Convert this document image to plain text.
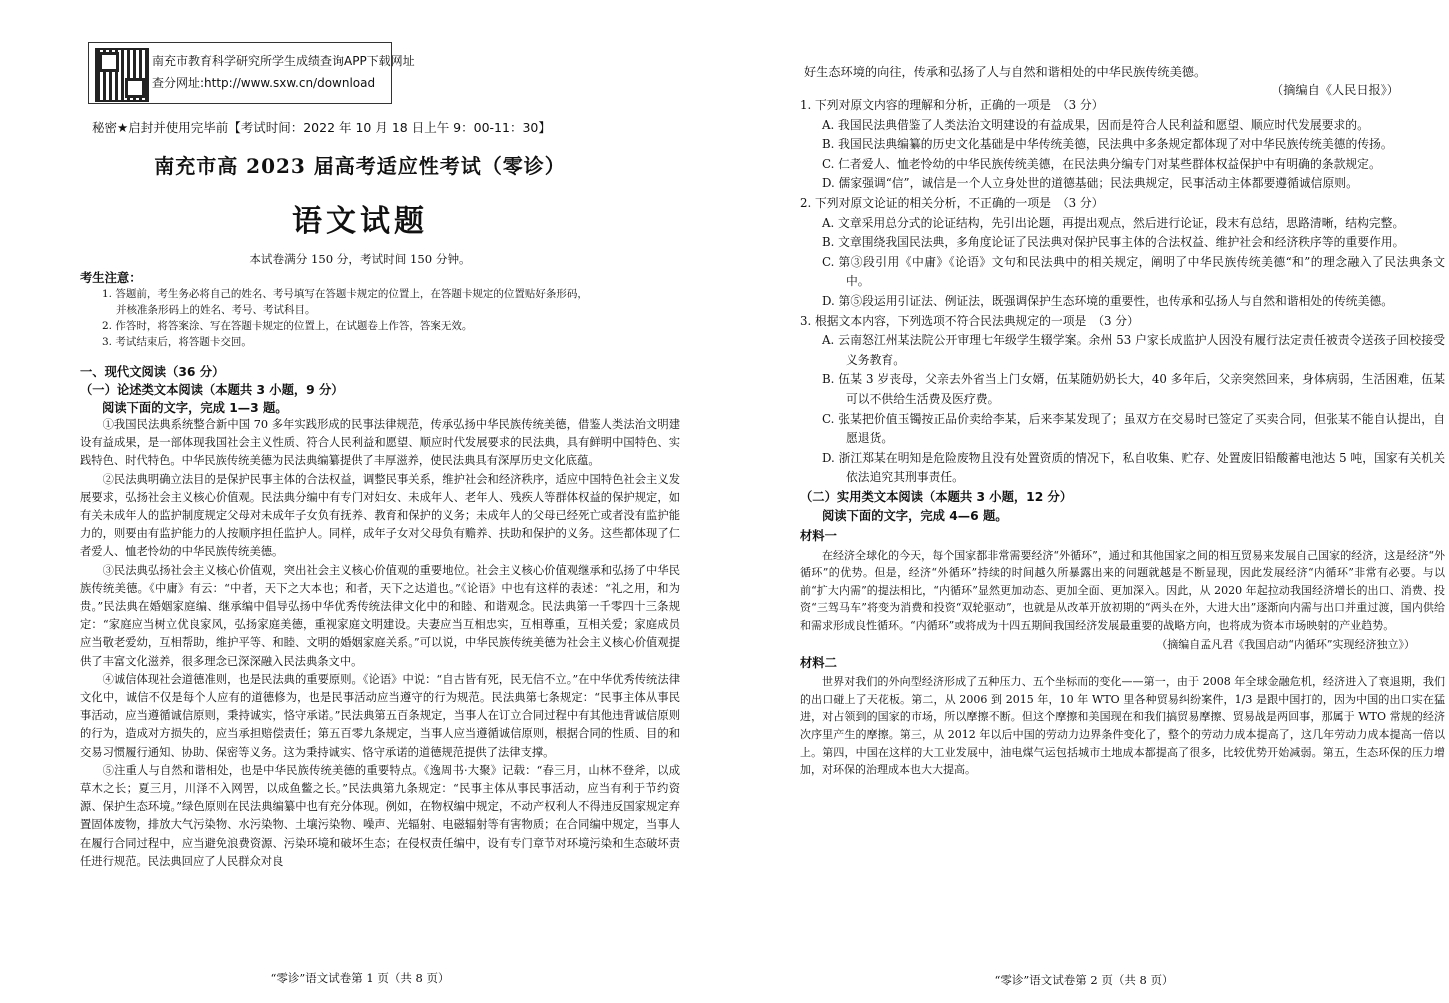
南充市教育科学研究所学生成绩查询APP下载网址
查分网址:http://www.sxw.cn/download
秘密★启封并使用完毕前【考试时间：2022 年 10 月 18 日上午 9：00-11：30】
南充市高 2023 届高考适应性考试（零诊）
语文试题
本试卷满分 150 分，考试时间 150 分钟。
考生注意：
1. 答题前，考生务必将自己的姓名、考号填写在答题卡规定的位置上，在答题卡规定的位置贴好条形码，
并核准条形码上的姓名、考号、考试科目。
2. 作答时，将答案涂、写在答题卡规定的位置上，在试题卷上作答，答案无效。
3. 考试结束后，将答题卡交回。
一、现代文阅读（36 分）
（一）论述类文本阅读（本题共 3 小题，9 分）
阅读下面的文字，完成 1—3 题。

①我国民法典系统整合新中国 70 多年实践形成的民事法律规范，传承弘扬中华民族传统美德，借鉴人类法治文明建设有益成果，是一部体现我国社会主义性质、符合人民利益和愿望、顺应时代发展要求的民法典，具有鲜明中国特色、实践特色、时代特色。中华民族传统美德为民法典编纂提供了丰厚滋养，使民法典具有深厚历史文化底蕴。

②民法典明确立法目的是保护民事主体的合法权益，调整民事关系，维护社会和经济秩序，适应中国特色社会主义发展要求，弘扬社会主义核心价值观。民法典分编中有专门对妇女、未成年人、老年人、残疾人等群体权益的保护规定，如有关未成年人的监护制度规定父母对未成年子女负有抚养、教育和保护的义务；未成年人的父母已经死亡或者没有监护能力的，则要由有监护能力的人按顺序担任监护人。同样，成年子女对父母负有赡养、扶助和保护的义务。这些都体现了仁者爱人、恤老怜幼的中华民族传统美德。

③民法典弘扬社会主义核心价值观，突出社会主义核心价值观的重要地位。社会主义核心价值观继承和弘扬了中华民族传统美德。《中庸》有云：“中者，天下之大本也；和者，天下之达道也。”《论语》中也有这样的表述：“礼之用，和为贵。”民法典在婚姻家庭编、继承编中倡导弘扬中华优秀传统法律文化中的和睦、和谐观念。民法典第一千零四十三条规定：“家庭应当树立优良家风，弘扬家庭美德，重视家庭文明建设。夫妻应当互相忠实，互相尊重，互相关爱；家庭成员应当敬老爱幼，互相帮助，维护平等、和睦、文明的婚姻家庭关系。”可以说，中华民族传统美德为社会主义核心价值观提供了丰富文化滋养，很多理念已深深融入民法典条文中。

④诚信体现社会道德准则，也是民法典的重要原则。《论语》中说：“自古皆有死，民无信不立。”在中华优秀传统法律文化中，诚信不仅是每个人应有的道德修为，也是民事活动应当遵守的行为规范。民法典第七条规定：“民事主体从事民事活动，应当遵循诚信原则，秉持诚实，恪守承诺。”民法典第五百条规定，当事人在订立合同过程中有其他违背诚信原则的行为，造成对方损失的，应当承担赔偿责任；第五百零九条规定，当事人应当遵循诚信原则，根据合同的性质、目的和交易习惯履行通知、协助、保密等义务。这为秉持诚实、恪守承诺的道德规范提供了法律支撑。

⑤注重人与自然和谐相处，也是中华民族传统美德的重要特点。《逸周书·大聚》记载：“春三月，山林不登斧，以成草木之长；夏三月，川泽不入网罟，以成鱼鳖之长。”民法典第九条规定：“民事主体从事民事活动，应当有利于节约资源、保护生态环境。”绿色原则在民法典编纂中也有充分体现。例如，在物权编中规定，不动产权利人不得违反国家规定弃置固体废物，排放大气污染物、水污染物、土壤污染物、噪声、光辐射、电磁辐射等有害物质；在合同编中规定，当事人在履行合同过程中，应当避免浪费资源、污染环境和破坏生态；在侵权责任编中，设有专门章节对环境污染和生态破坏责任进行规范。民法典回应了人民群众对良

“零诊”语文试卷第 1 页（共 8 页）
好生态环境的向往，传承和弘扬了人与自然和谐相处的中华民族传统美德。
（摘编自《人民日报》）

1. 下列对原文内容的理解和分析，正确的一项是　（3 分）

A. 我国民法典借鉴了人类法治文明建设的有益成果，因而是符合人民利益和愿望、顺应时代发展要求的。

B. 我国民法典编纂的历史文化基础是中华传统美德，民法典中多条规定都体现了对中华民族传统美德的传扬。

C. 仁者爱人、恤老怜幼的中华民族传统美德，在民法典分编专门对某些群体权益保护中有明确的条款规定。

D. 儒家强调“信”，诚信是一个人立身处世的道德基础；民法典规定，民事活动主体都要遵循诚信原则。

2. 下列对原文论证的相关分析，不正确的一项是　（3 分）

A. 文章采用总分式的论证结构，先引出论题，再提出观点，然后进行论证，段末有总结，思路清晰，结构完整。

B. 文章围绕我国民法典，多角度论证了民法典对保护民事主体的合法权益、维护社会和经济秩序等的重要作用。

C. 第③段引用《中庸》《论语》文句和民法典中的相关规定，阐明了中华民族传统美德“和”的理念融入了民法典条文中。

D. 第⑤段运用引证法、例证法，既强调保护生态环境的重要性，也传承和弘扬人与自然和谐相处的传统美德。

3. 根据文本内容，下列选项不符合民法典规定的一项是　（3 分）

A. 云南怒江州某法院公开审理七年级学生辍学案。余州 53 户家长成监护人因没有履行法定责任被责令送孩子回校接受义务教育。

B. 伍某 3 岁丧母，父亲去外省当上门女婿，伍某随奶奶长大，40 多年后，父亲突然回来，身体病弱，生活困难，伍某可以不供给生活费及医疗费。

C. 张某把价值玉镯按正品价卖给李某，后来李某发现了；虽双方在交易时已签定了买卖合同，但张某不能自认提出，自愿退货。

D. 浙江郑某在明知是危险废物且没有处置资质的情况下，私自收集、贮存、处置废旧铅酸蓄电池达 5 吨，国家有关机关依法追究其刑事责任。

（二）实用类文本阅读（本题共 3 小题，12 分）
阅读下面的文字，完成 4—6 题。
材料一

在经济全球化的今天，每个国家都非常需要经济“外循环”，通过和其他国家之间的相互贸易来发展自己国家的经济，这是经济“外循环”的优势。但是，经济“外循环”持续的时间越久所暴露出来的问题就越是不断显现，因此发展经济“内循环”非常有必要。与以前“扩大内需”的提法相比，“内循环”显然更加动态、更加全面、更加深入。因此，从 2020 年起拉动我国经济增长的出口、消费、投资“三驾马车”将变为消费和投资“双轮驱动”，也就是从改革开放初期的“两头在外，大进大出”逐渐向内需与出口并重过渡，国内供给和需求形成良性循环。“内循环”或将成为十四五期间我国经济发展最重要的战略方向，也将成为资本市场映射的产业趋势。

（摘编自孟凡君《我国启动“内循环”实现经济独立》）
材料二

世界对我们的外向型经济形成了五种压力、五个坐标而的变化——第一，由于 2008 年全球金融危机，经济进入了衰退期，我们的出口碰上了天花板。第二，从 2006 到 2015 年，10 年 WTO 里各种贸易纠纷案件，1/3 是跟中国打的，因为中国的出口实在猛进，对占领到的国家的市场，所以摩擦不断。但这个摩擦和美国现在和我们搞贸易摩擦、贸易战是两回事，那属于 WTO 常规的经济次序里产生的摩擦。第三，从 2012 年以后中国的劳动力边界条件变化了，整个的劳动力成本提高了，这几年劳动力成本提高一倍以上。第四，中国在这样的大工业发展中，油电煤气运包括城市土地成本都提高了很多，比较优势开始减弱。第五，生态环保的压力增加，对环保的治理成本也大大提高。

“零诊”语文试卷第 2 页（共 8 页）
